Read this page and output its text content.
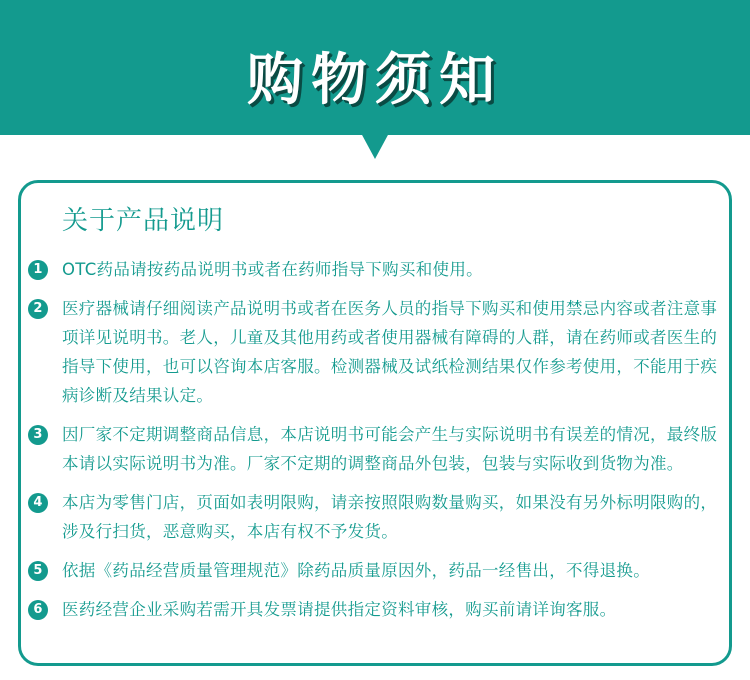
购物须知
关于产品说明
1	OTC药品请按药品说明书或者在药师指导下购买和使用。
2	医疗器械请仔细阅读产品说明书或者在医务人员的指导下购买和使用禁忌内容或者注意事项详见说明书。老人，儿童及其他用药或者使用器械有障碍的人群，请在药师或者医生的指导下使用，也可以咨询本店客服。检测器械及试纸检测结果仅作参考使用，不能用于疾病诊断及结果认定。
3	因厂家不定期调整商品信息，本店说明书可能会产生与实际说明书有误差的情况，最终版本请以实际说明书为准。厂家不定期的调整商品外包装，包装与实际收到货物为准。
4	本店为零售门店，页面如表明限购，请亲按照限购数量购买，如果没有另外标明限购的，涉及行扫货，恶意购买，本店有权不予发货。
5	依据《药品经营质量管理规范》除药品质量原因外，药品一经售出，不得退换。
6	医药经营企业采购若需开具发票请提供指定资料审核，购买前请详询客服。
